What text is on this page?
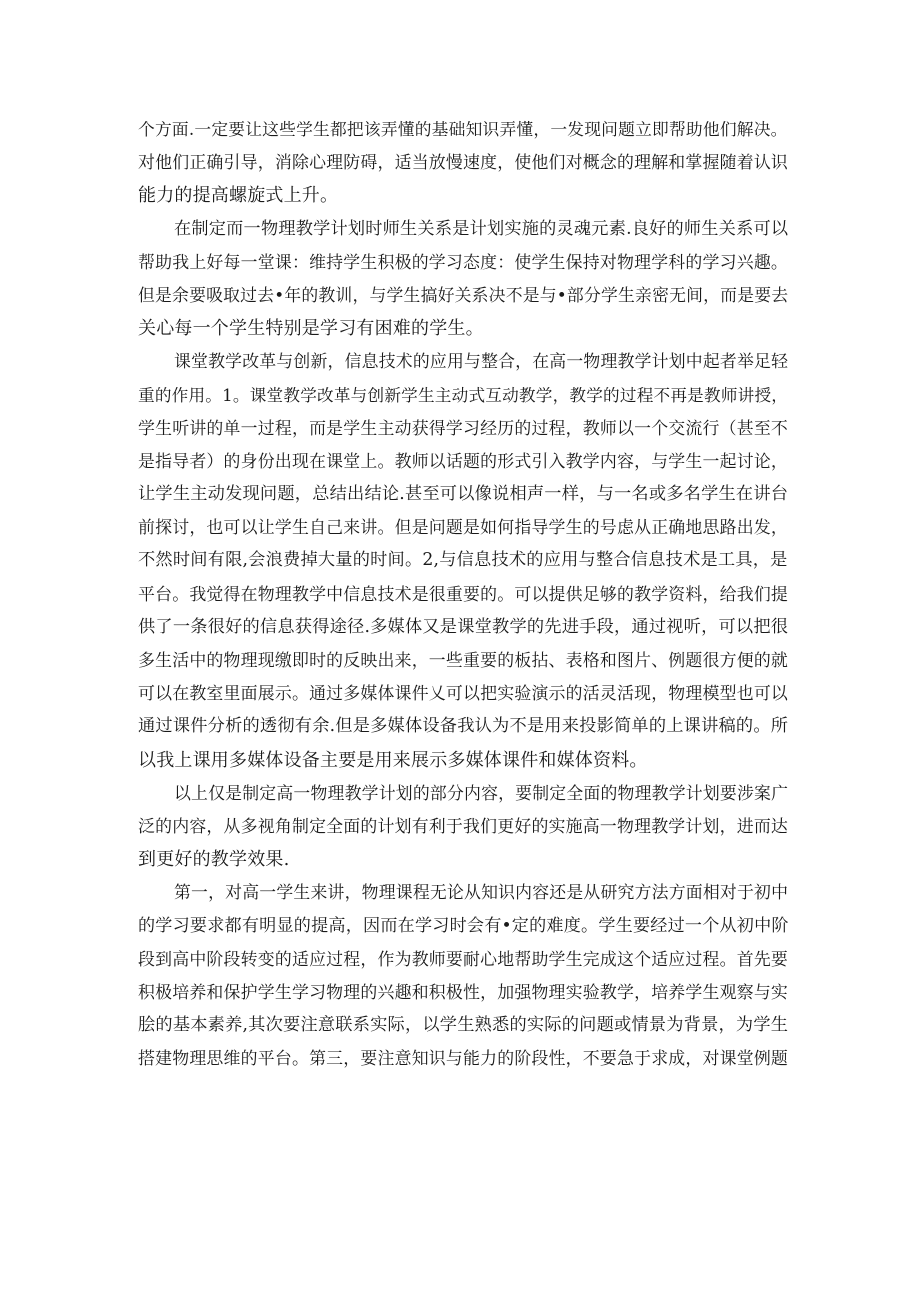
个方面.一定要让这些学生都把该弄懂的基础知识弄懂，一发现问题立即帮助他们解决。
对他们正确引导，消除心理防碍，适当放慢速度，使他们对概念的理解和掌握随着认识
能力的提高螺旋式上升。
在制定而一物理教学计划时师生关系是计划实施的灵魂元素.良好的师生关系可以
帮助我上好每一堂课：维持学生积极的学习态度：使学生保持对物理学科的学习兴趣。
但是余要吸取过去•年的教训，与学生搞好关系决不是与•部分学生亲密无间，而是要去
关心每一个学生特别是学习有困难的学生。
课堂教学改革与创新，信息技术的应用与整合，在高一物理教学计划中起者举足轻
重的作用。1。课堂教学改革与创新学生主动式互动教学，教学的过程不再是教师讲授，
学生听讲的单一过程，而是学生主动获得学习经历的过程，教师以一个交流行（甚至不
是指导者）的身份出现在课堂上。教师以话题的形式引入教学内容，与学生一起讨论，
让学生主动发现问题，总结出结论.甚至可以像说相声一样，与一名或多名学生在讲台
前探讨，也可以让学生自己来讲。但是问题是如何指导学生的号虑从正确地思路出发，
不然时间有限,会浪费掉大量的时间。2,与信息技术的应用与整合信息技术是工具，是
平台。我觉得在物理教学中信息技术是很重要的。可以提供足够的教学资料，给我们提
供了一条很好的信息获得途径.多媒体又是课堂教学的先进手段，通过视听，可以把很
多生活中的物理现缴即时的反映出来，一些重要的板拈、表格和图片、例题很方便的就
可以在教室里面展示。通过多媒体课件乂可以把实验演示的活灵活现，物理模型也可以
通过课件分析的透彻有余.但是多媒体设备我认为不是用来投影简单的上课讲稿的。所
以我上课用多媒体设备主要是用来展示多媒体课件和媒体资料。
以上仅是制定高一物理教学计划的部分内容，要制定全面的物理教学计划要涉案广
泛的内容，从多视角制定全面的计划有利于我们更好的实施高一物理教学计划，进而达
到更好的教学效果.
第一，对高一学生来讲，物理课程无论从知识内容还是从研究方法方面相对于初中
的学习要求都有明显的提高，因而在学习时会有•定的难度。学生要经过一个从初中阶
段到高中阶段转变的适应过程，作为教师要耐心地帮助学生完成这个适应过程。首先要
积极培养和保护学生学习物理的兴趣和积极性，加强物理实验教学，培养学生观察与实
脍的基本素养,其次要注意联系实际，以学生熟悉的实际的问题或情景为背景，为学生
搭建物理思维的平台。第三，要注意知识与能力的阶段性，不要急于求成，对课堂例题
